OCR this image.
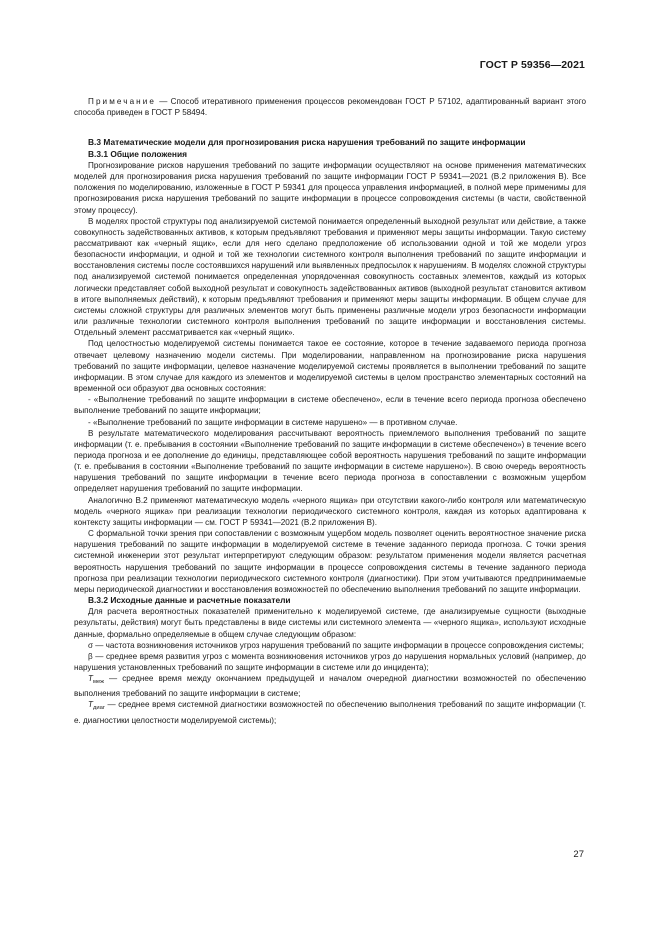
ГОСТ Р 59356—2021

Примечание — Способ итеративного применения процессов рекомендован ГОСТ Р 57102, адаптированный вариант этого способа приведен в ГОСТ Р 58494.

В.3 Математические модели для прогнозирования риска нарушения требований по защите информации

В.3.1 Общие положения

Прогнозирование рисков нарушения требований по защите информации осуществляют на основе применения математических моделей для прогнозирования риска нарушения требований по защите информации ГОСТ Р 59341—2021 (В.2 приложения В). Все положения по моделированию, изложенные в ГОСТ Р 59341 для процесса управления информацией, в полной мере применимы для прогнозирования риска нарушения требований по защите информации в процессе сопровождения системы (в части, свойственной этому процессу).

В моделях простой структуры под анализируемой системой понимается определенный выходной результат или действие, а также совокупность задействованных активов, к которым предъявляют требования и применяют меры защиты информации. Такую систему рассматривают как «черный ящик», если для него сделано предположение об использовании одной и той же модели угроз безопасности информации, и одной и той же технологии системного контроля выполнения требований по защите информации и восстановления системы после состоявшихся нарушений или выявленных предпосылок к нарушениям. В моделях сложной структуры под анализируемой системой понимается определенная упорядоченная совокупность составных элементов, каждый из которых логически представляет собой выходной результат и совокупность задействованных активов (выходной результат становится активом в итоге выполняемых действий), к которым предъявляют требования и применяют меры защиты информации. В общем случае для системы сложной структуры для различных элементов могут быть применены различные модели угроз безопасности информации или различные технологии системного контроля выполнения требований по защите информации и восстановления системы. Отдельный элемент рассматривается как «черный ящик».

Под целостностью моделируемой системы понимается такое ее состояние, которое в течение задаваемого периода прогноза отвечает целевому назначению модели системы. При моделировании, направленном на прогнозирование риска нарушения требований по защите информации, целевое назначение моделируемой системы проявляется в выполнении требований по защите информации. В этом случае для каждого из элементов и моделируемой системы в целом пространство элементарных состояний на временной оси образуют два основных состояния:

- «Выполнение требований по защите информации в системе обеспечено», если в течение всего периода прогноза обеспечено выполнение требований по защите информации;

- «Выполнение требований по защите информации в системе нарушено» — в противном случае.

В результате математического моделирования рассчитывают вероятность приемлемого выполнения требований по защите информации (т. е. пребывания в состоянии «Выполнение требований по защите информации в системе обеспечено») в течение всего периода прогноза и ее дополнение до единицы, представляющее собой вероятность нарушения требований по защите информации (т. е. пребывания в состоянии «Выполнение требований по защите информации в системе нарушено»). В свою очередь вероятность нарушения требований по защите информации в течение всего периода прогноза в сопоставлении с возможным ущербом определяет нарушения требований по защите информации.

Аналогично В.2 применяют математическую модель «черного ящика» при отсутствии какого-либо контроля или математическую модель «черного ящика» при реализации технологии периодического системного контроля, каждая из которых адаптирована к контексту защиты информации — см. ГОСТ Р 59341—2021 (В.2 приложения В).

С формальной точки зрения при сопоставлении с возможным ущербом модель позволяет оценить вероятностное значение риска нарушения требований по защите информации в моделируемой системе в течение заданного периода прогноза. С точки зрения системной инженерии этот результат интерпретируют следующим образом: результатом применения модели является расчетная вероятность нарушения требований по защите информации в процессе сопровождения системы в течение заданного периода прогноза при реализации технологии периодического системного контроля (диагностики). При этом учитываются предпринимаемые меры периодической диагностики и восстановления возможностей по обеспечению выполнения требований по защите информации.

В.3.2 Исходные данные и расчетные показатели

Для расчета вероятностных показателей применительно к моделируемой системе, где анализируемые сущности (выходные результаты, действия) могут быть представлены в виде системы или системного элемента — «черного ящика», используют исходные данные, формально определяемые в общем случае следующим образом:

σ — частота возникновения источников угроз нарушения требований по защите информации в процессе сопровождения системы;

β — среднее время развития угроз с момента возникновения источников угроз до нарушения нормальных условий (например, до нарушения установленных требований по защите информации в системе или до инцидента);

$T_{меж}$ — среднее время между окончанием предыдущей и началом очередной диагностики возможностей по обеспечению выполнения требований по защите информации в системе;

$T_{диаг}$ — среднее время системной диагностики возможностей по обеспечению выполнения требований по защите информации (т. е. диагностики целостности моделируемой системы);

27
